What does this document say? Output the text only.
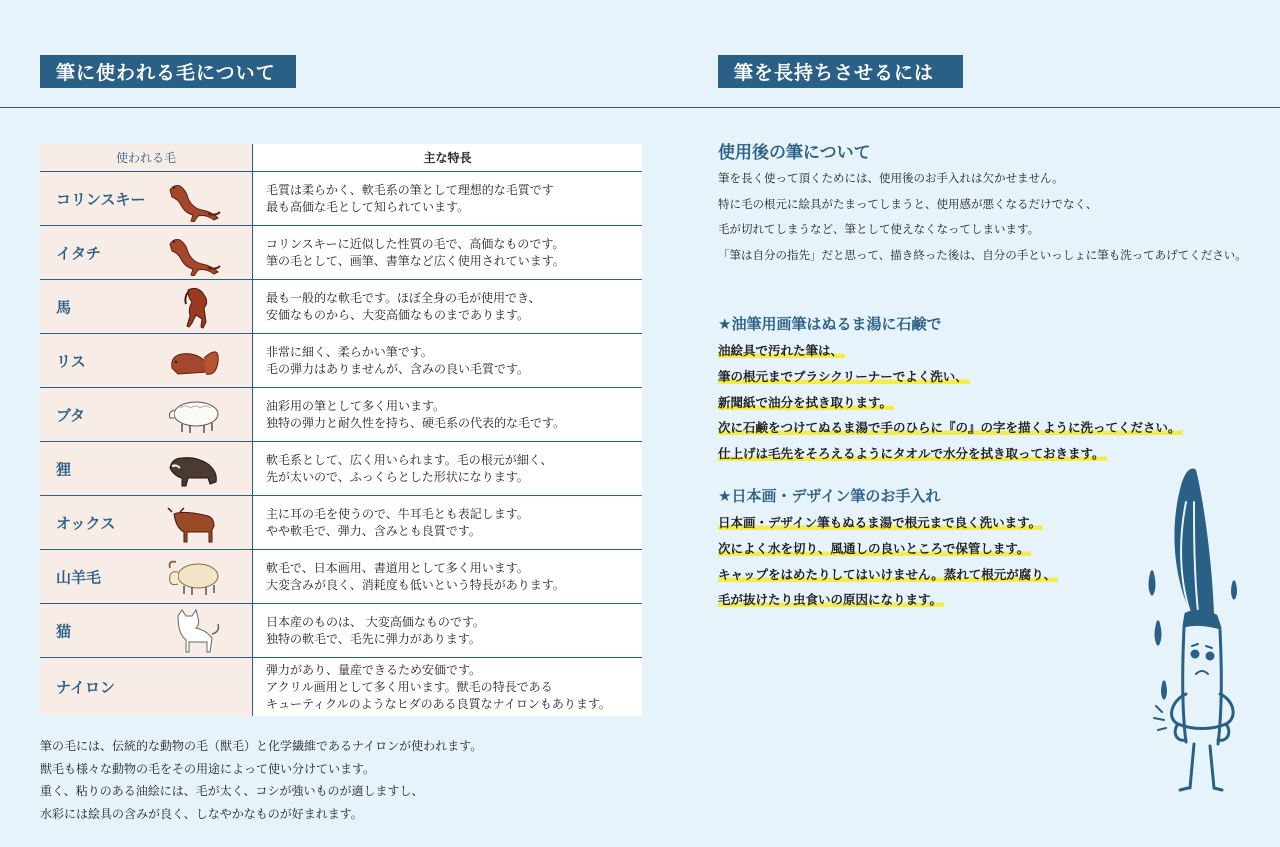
筆に使われる毛について	筆を長持ちさせるには
使われる毛	主な特長

コリンスキー	毛質は柔らかく、軟毛系の筆として理想的な毛質です
最も高価な毛として知られています。

イタチ	コリンスキーに近似した性質の毛で、高価なものです。
筆の毛として、画筆、書筆など広く使用されています。

馬	最も一般的な軟毛です。ほぼ全身の毛が使用でき、
安価なものから、大変高価なものまであります。

リス	非常に細く、柔らかい筆です。
毛の弾力はありませんが、含みの良い毛質です。

ブタ	油彩用の筆として多く用います。
独特の弾力と耐久性を持ち、硬毛系の代表的な毛です。

狸	軟毛系として、広く用いられます。毛の根元が細く、
先が太いので、ふっくらとした形状になります。

オックス	主に耳の毛を使うので、牛耳毛とも表記します。
やや軟毛で、弾力、含みとも良質です。

山羊毛	軟毛で、日本画用、書道用として多く用います。
大変含みが良く、消耗度も低いという特長があります。

猫	日本産のものは、 大変高価なものです。
独特の軟毛で、毛先に弾力があります。

ナイロン	弾力があり、量産できるため安価です。
アクリル画用として多く用います。獣毛の特長である
キューティクルのようなヒダのある良質なナイロンもあります。

筆の毛には、伝統的な動物の毛（獣毛）と化学繊維であるナイロンが使われます。

獣毛も様々な動物の毛をその用途によって使い分けています。

重く、粘りのある油絵には、毛が太く、コシが強いものが適しますし、

水彩には絵具の含みが良く、しなやかなものが好まれます。

使用後の筆について

筆を長く使って頂くためには、使用後のお手入れは欠かせません。

特に毛の根元に絵具がたまってしまうと、使用感が悪くなるだけでなく、

毛が切れてしまうなど、筆として使えなくなってしまいます。

「筆は自分の指先」だと思って、描き終った後は、自分の手といっしょに筆も洗ってあげてください。

★油筆用画筆はぬるま湯に石鹸で

油絵具で汚れた筆は、

筆の根元までブラシクリーナーでよく洗い、

新聞紙で油分を拭き取ります。

次に石鹸をつけてぬるま湯で手のひらに『の』の字を描くように洗ってください。

仕上げは毛先をそろえるようにタオルで水分を拭き取っておきます。

★日本画・デザイン筆のお手入れ

日本画・デザイン筆もぬるま湯で根元まで良く洗います。

次によく水を切り、風通しの良いところで保管します。

キャップをはめたりしてはいけません。蒸れて根元が腐り、

毛が抜けたり虫食いの原因になります。
